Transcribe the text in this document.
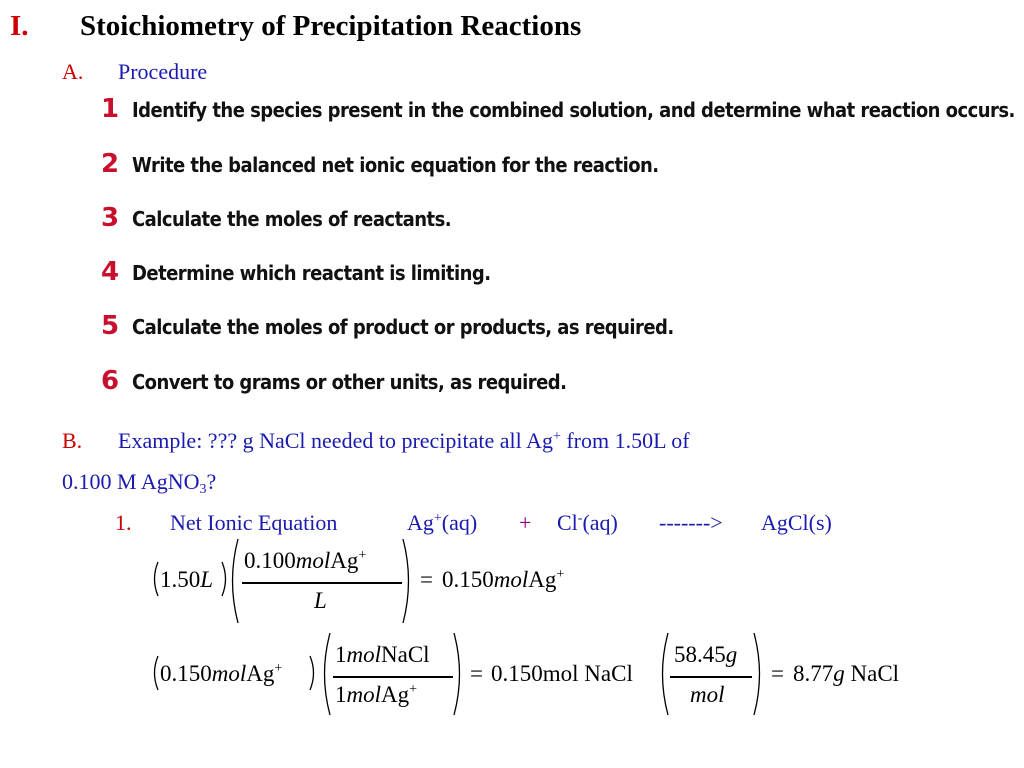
I. Stoichiometry of Precipitation Reactions
A. Procedure
1 Identify the species present in the combined solution, and determine what reaction occurs.
2 Write the balanced net ionic equation for the reaction.
3 Calculate the moles of reactants.
4 Determine which reactant is limiting.
5 Calculate the moles of product or products, as required.
6 Convert to grams or other units, as required.
B. Example: ??? g NaCl needed to precipitate all Ag+ from 1.50L of
0.100 M AgNO$_3$?
1. Net Ionic Equation	Ag+(aq) + Cl-(aq) -------> AgCl(s)
1.50L
0.100molAg+
L
= 0.150molAg+
0.150molAg+
1molNaCl
1molAg+
= 0.150mol NaCl
58.45g
mol
= 8.77g NaCl
